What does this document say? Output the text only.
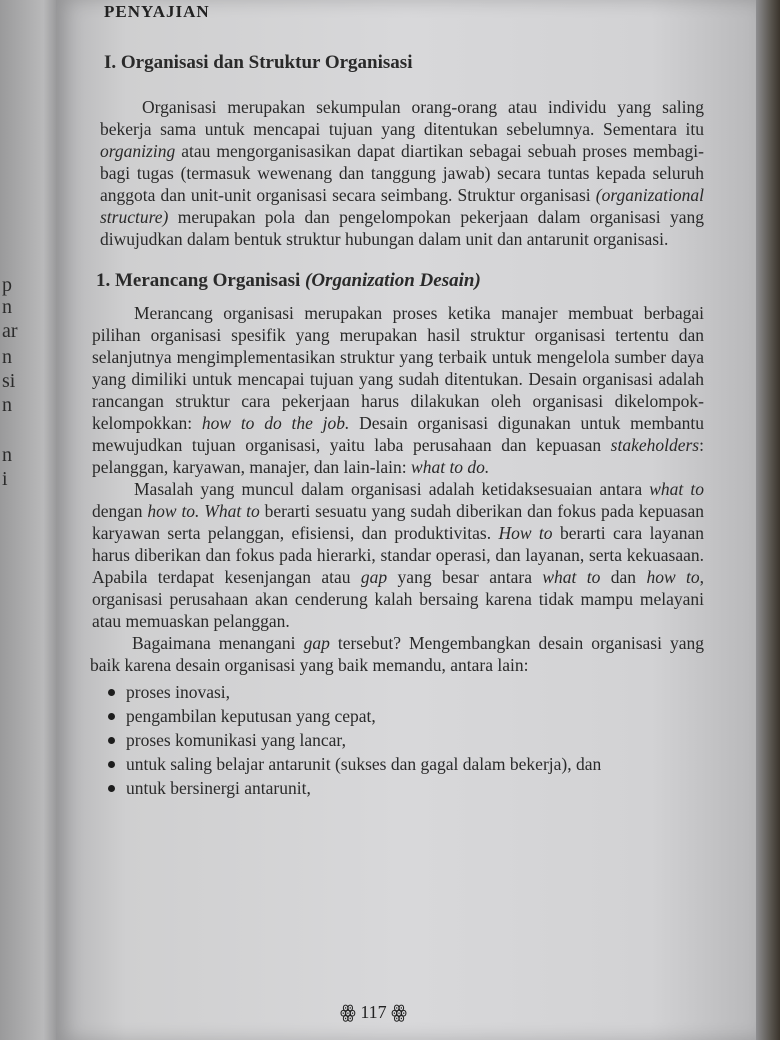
p
n
ar
n
si
n
n
i
PENYAJIAN
I. Organisasi dan Struktur Organisasi

Organisasi merupakan sekumpulan orang-orang atau individu yang saling bekerja sama untuk mencapai tujuan yang ditentukan sebelumnya. Sementara itu organizing atau mengorganisasikan dapat diartikan sebagai sebuah proses membagi-bagi tugas (termasuk wewenang dan tanggung jawab) secara tuntas kepada seluruh anggota dan unit-unit organisasi secara seimbang. Struktur organisasi (organizational structure) merupakan pola dan pengelompokan pekerjaan dalam organisasi yang diwujudkan dalam bentuk struktur hubungan dalam unit dan antarunit organisasi.

1. Merancang Organisasi (Organization Desain)

Merancang organisasi merupakan proses ketika manajer membuat berbagai pilihan organisasi spesifik yang merupakan hasil struktur organisasi tertentu dan selanjutnya mengimplementasikan struktur yang terbaik untuk mengelola sumber daya yang dimiliki untuk mencapai tujuan yang sudah ditentukan. Desain organisasi adalah rancangan struktur cara pekerjaan harus dilakukan oleh organisasi dikelompok-kelompokkan: how to do the job. Desain organisasi digunakan untuk membantu mewujudkan tujuan organisasi, yaitu laba perusahaan dan kepuasan stakeholders: pelanggan, karyawan, manajer, dan lain-lain: what to do.

Masalah yang muncul dalam organisasi adalah ketidaksesuaian antara what to dengan how to. What to berarti sesuatu yang sudah diberikan dan fokus pada kepuasan karyawan serta pelanggan, efisiensi, dan produktivitas. How to berarti cara layanan harus diberikan dan fokus pada hierarki, standar operasi, dan layanan, serta kekuasaan. Apabila terdapat kesenjangan atau gap yang besar antara what to dan how to, organisasi perusahaan akan cenderung kalah bersaing karena tidak mampu melayani atau memuaskan pelanggan.

Bagaimana menangani gap tersebut? Mengembangkan desain organisasi yang baik karena desain organisasi yang baik memandu, antara lain:

proses inovasi,
pengambilan keputusan yang cepat,
proses komunikasi yang lancar,
untuk saling belajar antarunit (sukses dan gagal dalam bekerja), dan
untuk bersinergi antarunit,
ꙮ 117 ꙮ
